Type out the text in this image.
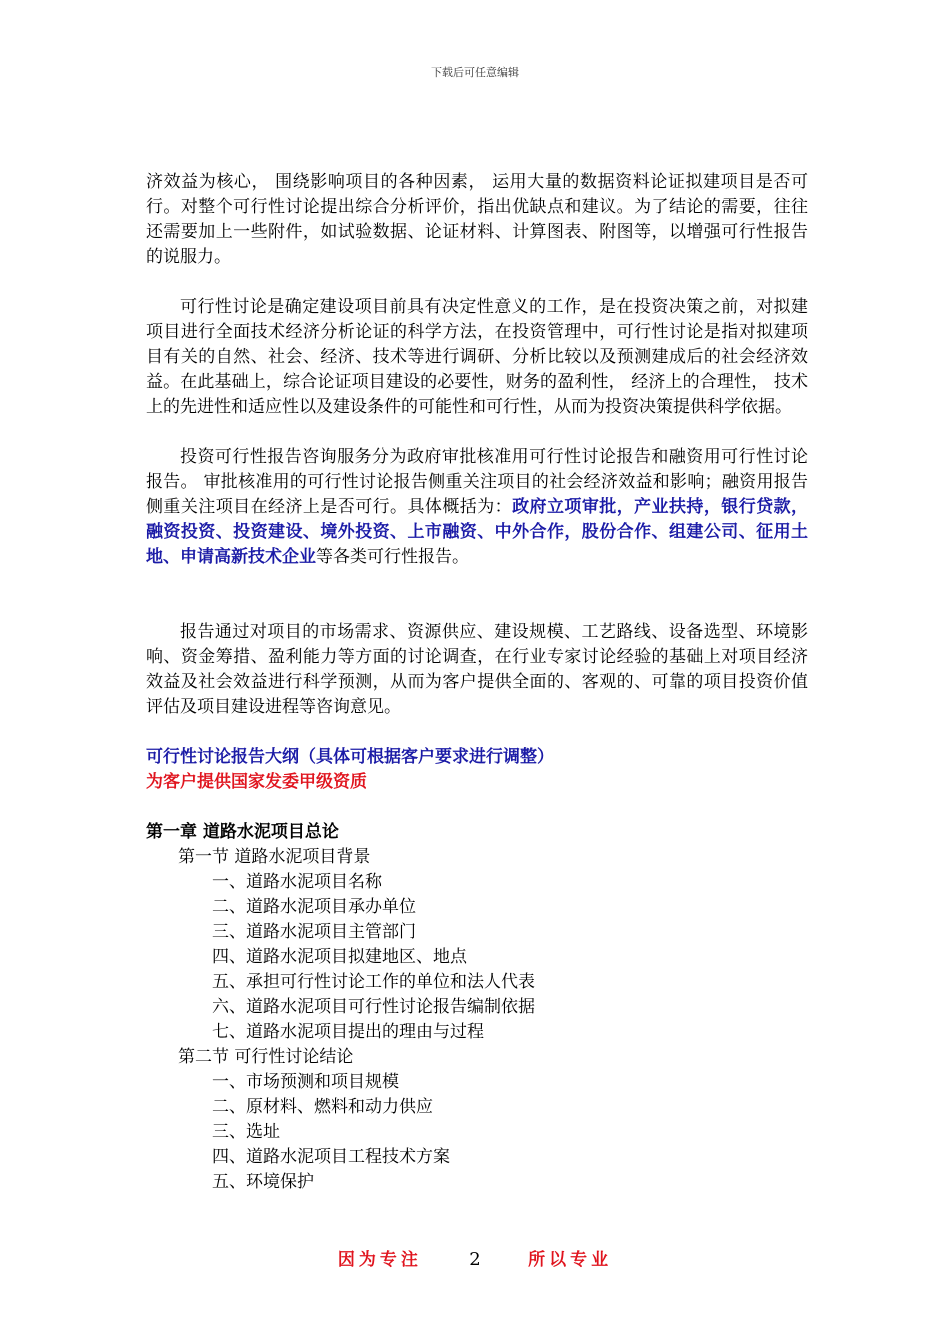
下载后可任意编辑

济效益为核心， 围绕影响项目的各种因素， 运用大量的数据资料论证拟建项目是否可行。对整个可行性讨论提出综合分析评价，指出优缺点和建议。为了结论的需要，往往还需要加上一些附件，如试验数据、论证材料、计算图表、附图等，以增强可行性报告的说服力。

可行性讨论是确定建设项目前具有决定性意义的工作，是在投资决策之前，对拟建项目进行全面技术经济分析论证的科学方法，在投资管理中，可行性讨论是指对拟建项目有关的自然、社会、经济、技术等进行调研、分析比较以及预测建成后的社会经济效益。在此基础上，综合论证项目建设的必要性，财务的盈利性， 经济上的合理性， 技术上的先进性和适应性以及建设条件的可能性和可行性，从而为投资决策提供科学依据。

投资可行性报告咨询服务分为政府审批核准用可行性讨论报告和融资用可行性讨论报告。 审批核准用的可行性讨论报告侧重关注项目的社会经济效益和影响；融资用报告侧重关注项目在经济上是否可行。具体概括为：政府立项审批，产业扶持，银行贷款，融资投资、投资建设、境外投资、上市融资、中外合作，股份合作、组建公司、征用土地、申请高新技术企业等各类可行性报告。

报告通过对项目的市场需求、资源供应、建设规模、工艺路线、设备选型、环境影响、资金筹措、盈利能力等方面的讨论调查，在行业专家讨论经验的基础上对项目经济效益及社会效益进行科学预测，从而为客户提供全面的、客观的、可靠的项目投资价值评估及项目建设进程等咨询意见。

可行性讨论报告大纲（具体可根据客户要求进行调整）

为客户提供国家发委甲级资质

第一章 道路水泥项目总论

第一节 道路水泥项目背景

一、道路水泥项目名称

二、道路水泥项目承办单位

三、道路水泥项目主管部门

四、道路水泥项目拟建地区、地点

五、承担可行性讨论工作的单位和法人代表

六、道路水泥项目可行性讨论报告编制依据

七、道路水泥项目提出的理由与过程

第二节 可行性讨论结论

一、市场预测和项目规模

二、原材料、燃料和动力供应

三、选址

四、道路水泥项目工程技术方案

五、环境保护

因为专注	2	所以专业
